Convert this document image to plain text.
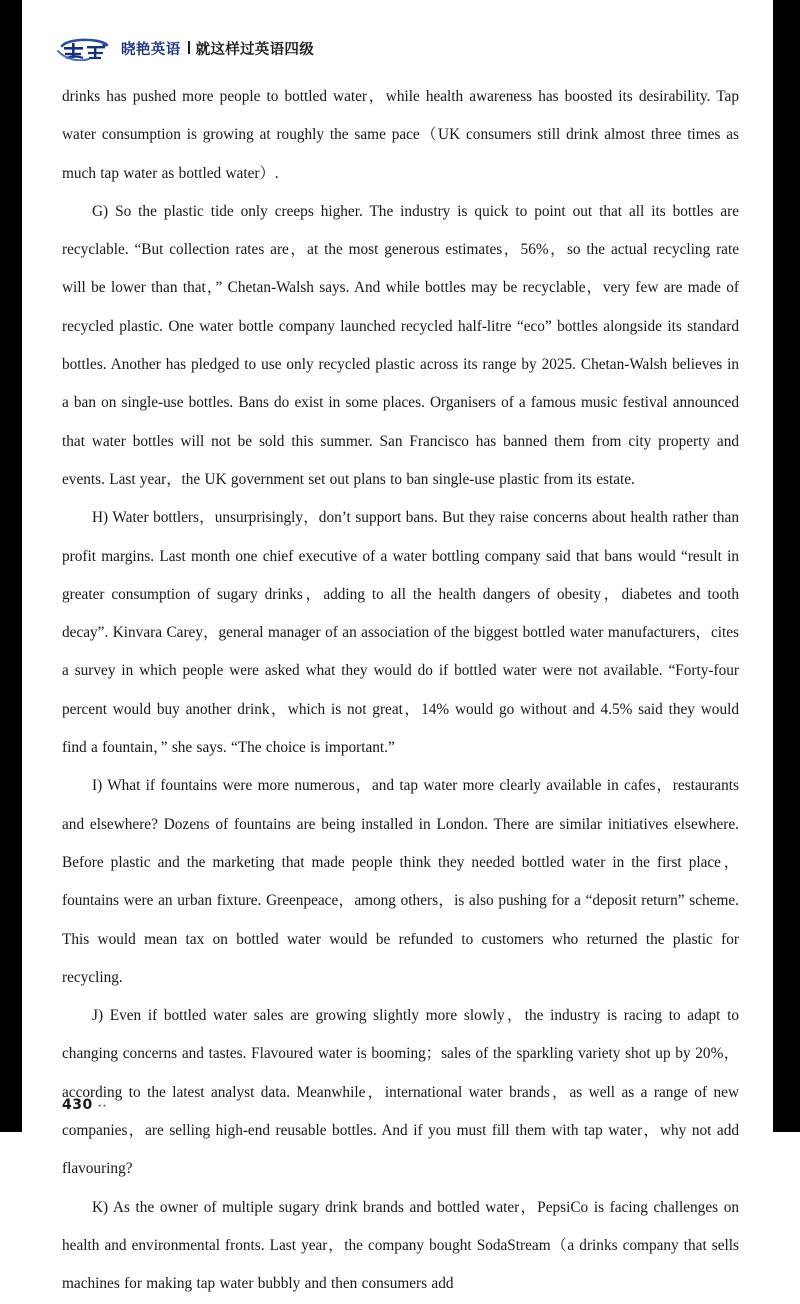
晓艳英语 就这样过英语四级

drinks has pushed more people to bottled water，while health awareness has boosted its desirability. Tap water consumption is growing at roughly the same pace（UK consumers still drink almost three times as much tap water as bottled water）.

G) So the plastic tide only creeps higher. The industry is quick to point out that all its bottles are recyclable. “But collection rates are，at the most generous estimates，56%，so the actual recycling rate will be lower than that，” Chetan-Walsh says. And while bottles may be recyclable，very few are made of recycled plastic. One water bottle company launched recycled half-litre “eco” bottles alongside its standard bottles. Another has pledged to use only recycled plastic across its range by 2025. Chetan-Walsh believes in a ban on single-use bottles. Bans do exist in some places. Organisers of a famous music festival announced that water bottles will not be sold this summer. San Francisco has banned them from city property and events. Last year，the UK government set out plans to ban single-use plastic from its estate.

H) Water bottlers，unsurprisingly，don’t support bans. But they raise concerns about health rather than profit margins. Last month one chief executive of a water bottling company said that bans would “result in greater consumption of sugary drinks，adding to all the health dangers of obesity，diabetes and tooth decay”. Kinvara Carey，general manager of an association of the biggest bottled water manufacturers，cites a survey in which people were asked what they would do if bottled water were not available. “Forty-four percent would buy another drink，which is not great，14% would go without and 4.5% said they would find a fountain，” she says. “The choice is important.”

I) What if fountains were more numerous，and tap water more clearly available in cafes，restaurants and elsewhere? Dozens of fountains are being installed in London. There are similar initiatives elsewhere. Before plastic and the marketing that made people think they needed bottled water in the first place，fountains were an urban fixture. Greenpeace，among others，is also pushing for a “deposit return” scheme. This would mean tax on bottled water would be refunded to customers who returned the plastic for recycling.

J) Even if bottled water sales are growing slightly more slowly，the industry is racing to adapt to changing concerns and tastes. Flavoured water is booming；sales of the sparkling variety shot up by 20%，according to the latest analyst data. Meanwhile，international water brands，as well as a range of new companies，are selling high-end reusable bottles. And if you must fill them with tap water，why not add flavouring?

K) As the owner of multiple sugary drink brands and bottled water，PepsiCo is facing challenges on health and environmental fronts. Last year，the company bought SodaStream（a drinks company that sells machines for making tap water bubbly and then consumers add

430 ··
